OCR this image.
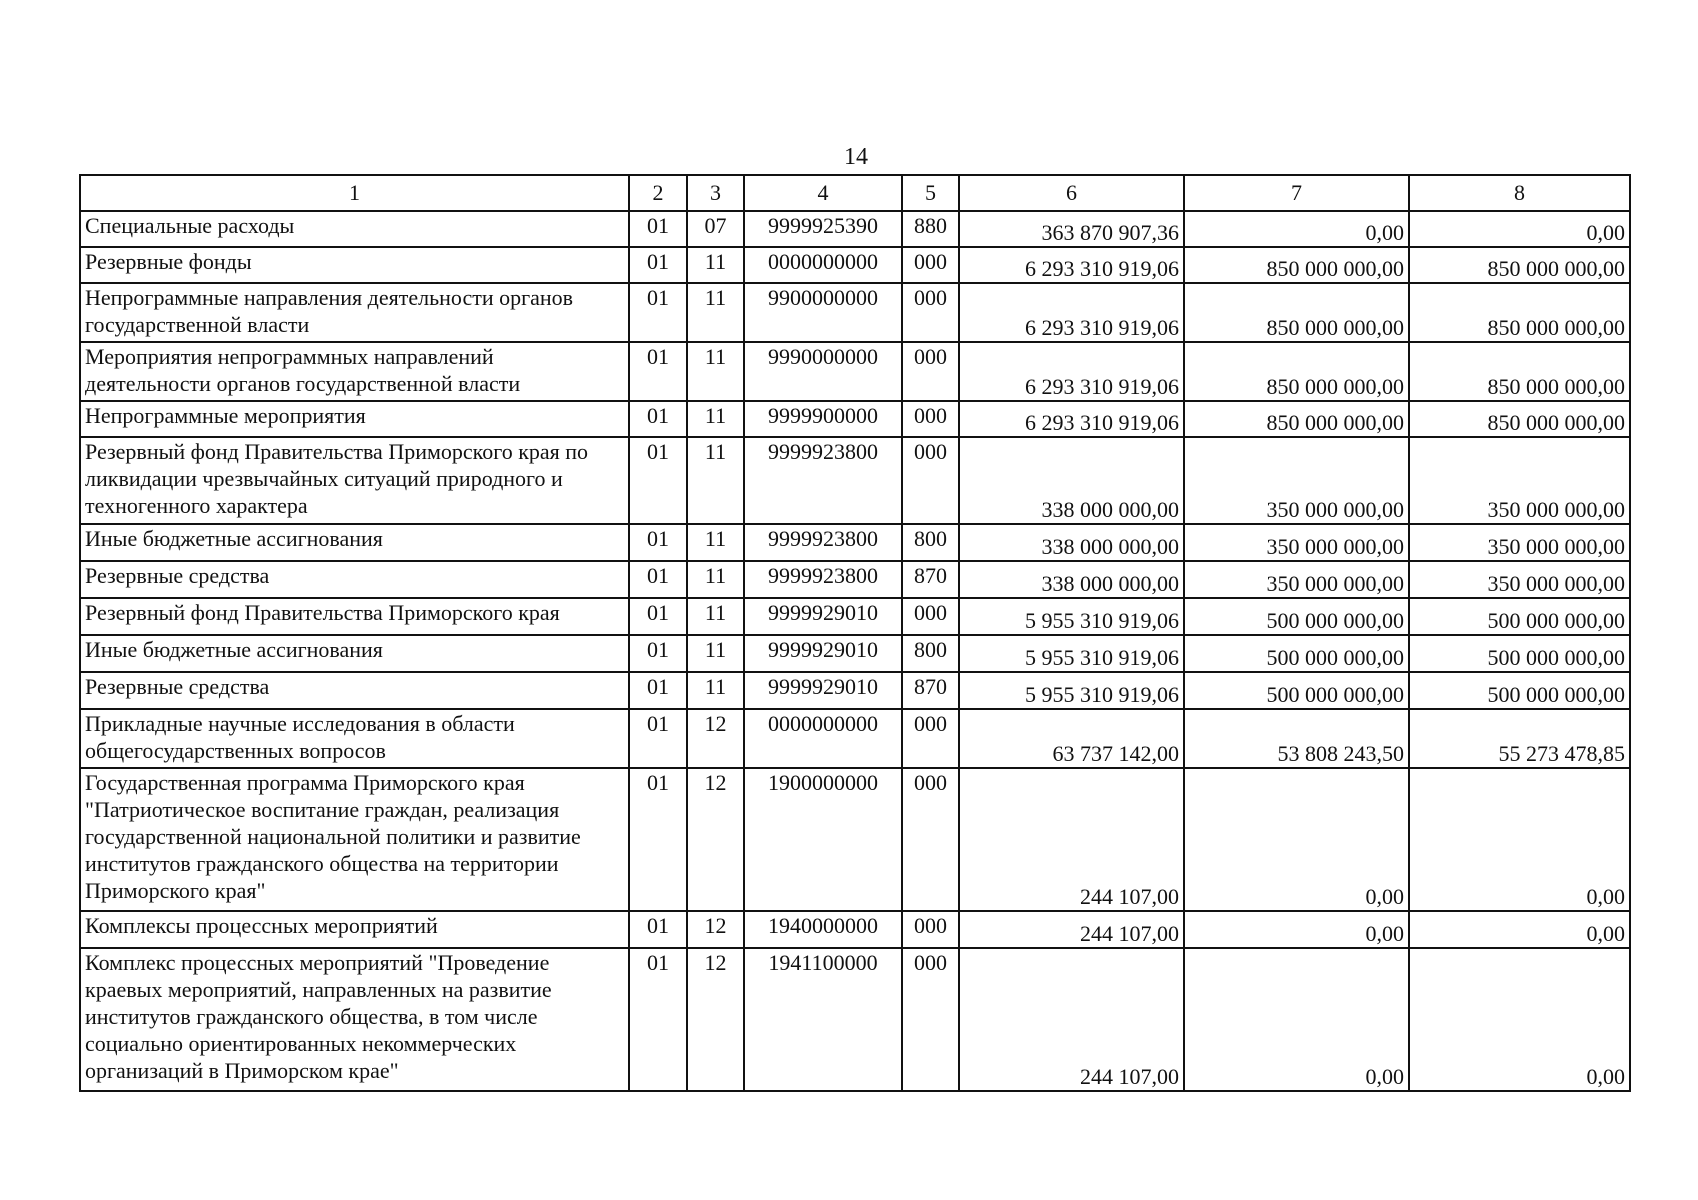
14
1	2	3	4	5	6	7	8
Специальные расходы	01	07	9999925390	880	363 870 907,36	0,00	0,00
Резервные фонды	01	11	0000000000	000	6 293 310 919,06	850 000 000,00	850 000 000,00
Непрограммные направления деятельности органов государственной власти	01	11	9900000000	000	6 293 310 919,06	850 000 000,00	850 000 000,00
Мероприятия непрограммных направлений деятельности органов государственной власти	01	11	9990000000	000	6 293 310 919,06	850 000 000,00	850 000 000,00
Непрограммные мероприятия	01	11	9999900000	000	6 293 310 919,06	850 000 000,00	850 000 000,00
Резервный фонд Правительства Приморского края по ликвидации чрезвычайных ситуаций природного и техногенного характера	01	11	9999923800	000	338 000 000,00	350 000 000,00	350 000 000,00
Иные бюджетные ассигнования	01	11	9999923800	800	338 000 000,00	350 000 000,00	350 000 000,00
Резервные средства	01	11	9999923800	870	338 000 000,00	350 000 000,00	350 000 000,00
Резервный фонд Правительства Приморского края	01	11	9999929010	000	5 955 310 919,06	500 000 000,00	500 000 000,00
Иные бюджетные ассигнования	01	11	9999929010	800	5 955 310 919,06	500 000 000,00	500 000 000,00
Резервные средства	01	11	9999929010	870	5 955 310 919,06	500 000 000,00	500 000 000,00
Прикладные научные исследования в области общегосударственных вопросов	01	12	0000000000	000	63 737 142,00	53 808 243,50	55 273 478,85
Государственная программа Приморского края "Патриотическое воспитание граждан, реализация государственной национальной политики и развитие институтов гражданского общества на территории Приморского края"	01	12	1900000000	000	244 107,00	0,00	0,00
Комплексы процессных мероприятий	01	12	1940000000	000	244 107,00	0,00	0,00
Комплекс процессных мероприятий "Проведение краевых мероприятий, направленных на развитие институтов гражданского общества, в том числе социально ориентированных некоммерческих организаций в Приморском крае"	01	12	1941100000	000	244 107,00	0,00	0,00
